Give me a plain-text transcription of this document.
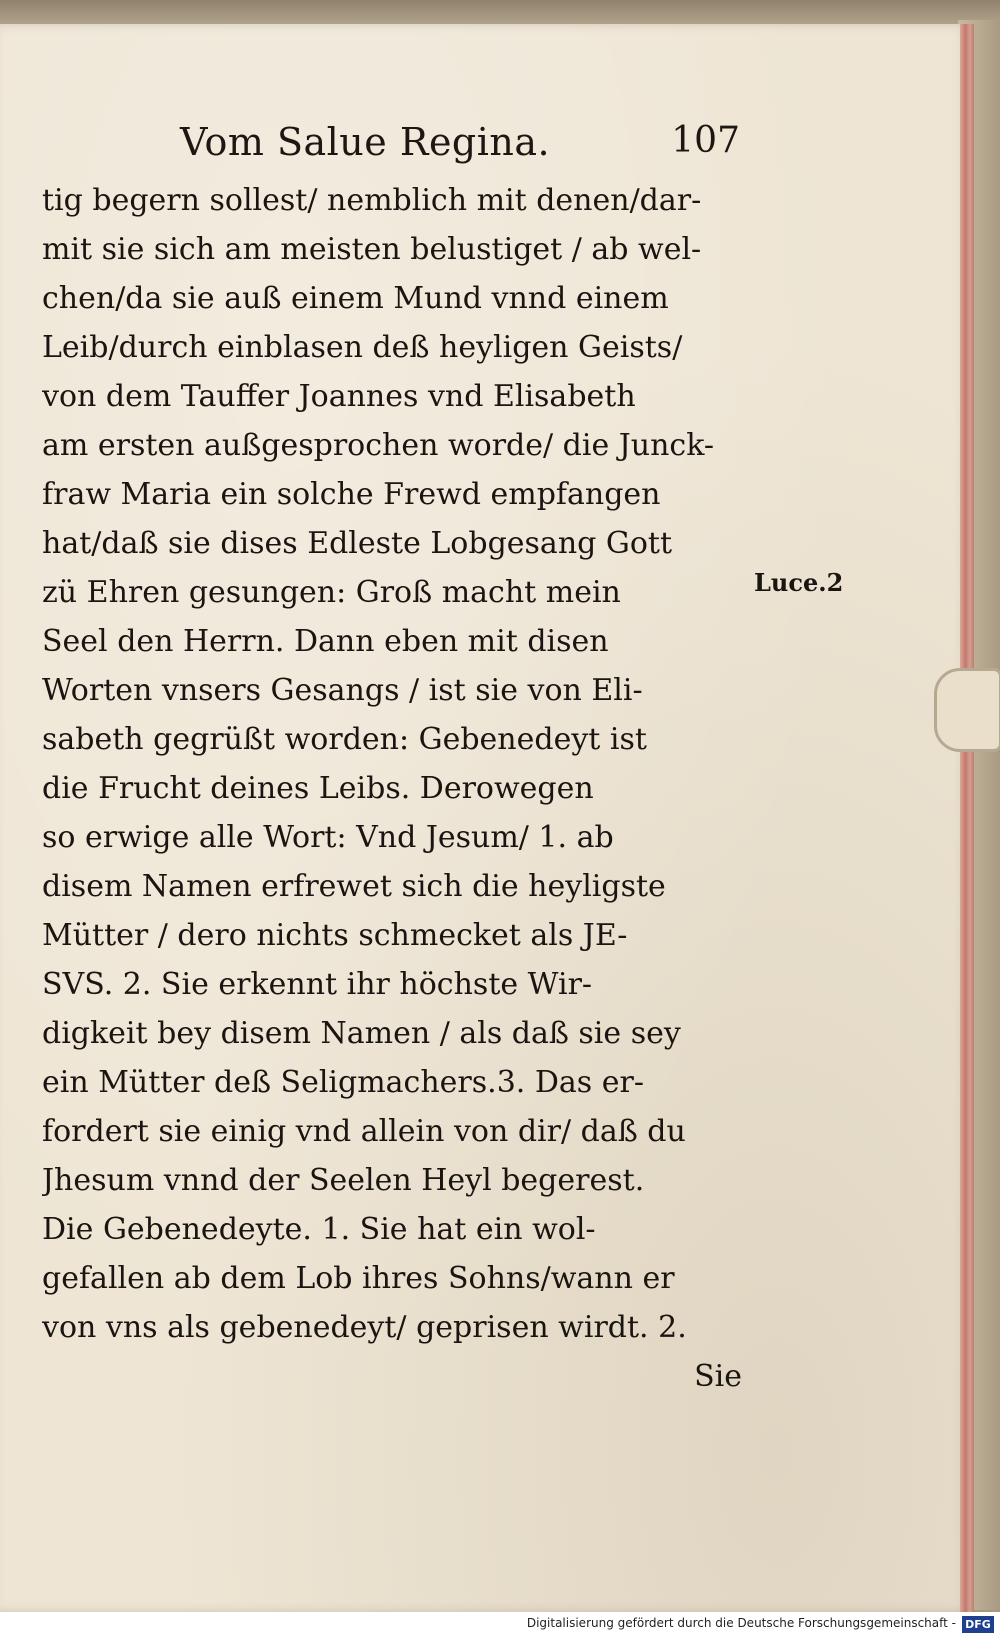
Vom Salue Regina.	107
tig begern sollest/ nemblich mit denen/dar-
mit sie sich am meisten belustiget / ab wel-
chen/da sie auß einem Mund vnnd einem
Leib/durch einblasen deß heyligen Geists/
von dem Tauffer Joannes vnd Elisabeth
am ersten außgesprochen worde/ die Junck-
fraw Maria ein solche Frewd empfangen
hat/daß sie dises Edleste Lobgesang Gott
zü Ehren gesungen: Groß macht mein
Seel den Herrn. Dann eben mit disen
Worten vnsers Gesangs / ist sie von Eli-
sabeth gegrüßt worden: Gebenedeyt ist
die Frucht deines Leibs. Derowegen
so erwige alle Wort: Vnd Jesum/ 1. ab
disem Namen erfrewet sich die heyligste
Mütter / dero nichts schmecket als JE-
SVS. 2. Sie erkennt ihr höchste Wir-
digkeit bey disem Namen / als daß sie sey
ein Mütter deß Seligmachers.3. Das er-
fordert sie einig vnd allein von dir/ daß du
Jhesum vnnd der Seelen Heyl begerest.
Die Gebenedeyte. 1. Sie hat ein wol-
gefallen ab dem Lob ihres Sohns/wann er
von vns als gebenedeyt/ geprisen wirdt. 2.
Sie
Luce.2
Digitalisierung gefördert durch die Deutsche Forschungsgemeinschaft - DFG
